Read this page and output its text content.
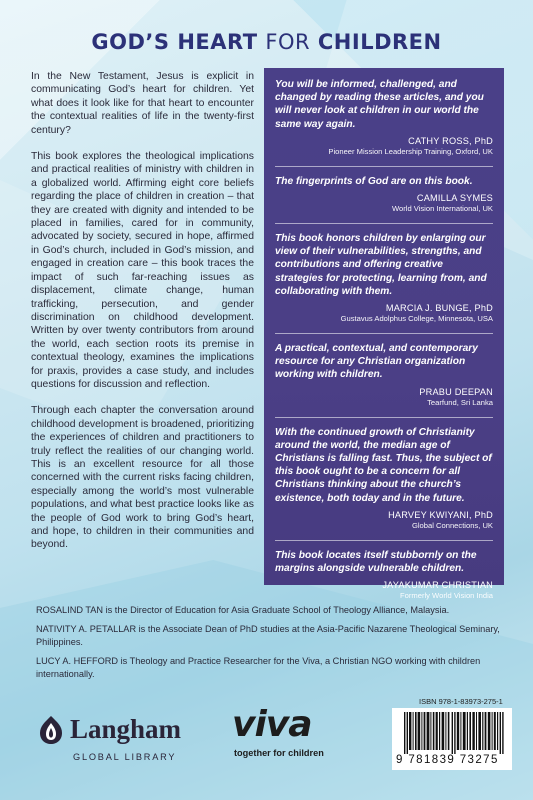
GOD’S HEART FOR CHILDREN

In the New Testament, Jesus is explicit in communicating God’s heart for children. Yet what does it look like for that heart to encounter the contextual realities of life in the twenty-first century?

This book explores the theological implications and practical realities of ministry with children in a globalized world. Affirming eight core beliefs regarding the place of children in creation – that they are created with dignity and intended to be placed in families, cared for in community, advocated by society, secured in hope, affirmed in God’s church, included in God’s mission, and engaged in creation care – this book traces the impact of such far-reaching issues as displacement, climate change, human trafficking, persecution, and gender discrimination on childhood development. Written by over twenty contributors from around the world, each section roots its premise in contextual theology, examines the implications for praxis, provides a case study, and includes questions for discussion and reflection.

Through each chapter the conversation around childhood development is broadened, prioritizing the experiences of children and practitioners to truly reflect the realities of our changing world. This is an excellent resource for all those concerned with the current risks facing children, especially among the world’s most vulnerable populations, and what best practice looks like as the people of God work to bring God’s heart, and hope, to children in their communities and beyond.

You will be informed, challenged, and changed by reading these articles, and you will never look at children in our world the same way again.

CATHY ROSS, PhD
Pioneer Mission Leadership Training, Oxford, UK

The fingerprints of God are on this book.

CAMILLA SYMES
World Vision International, UK

This book honors children by enlarging our view of their vulnerabilities, strengths, and contributions and offering creative strategies for protecting, learning from, and collaborating with them.

MARCIA J. BUNGE, PhD
Gustavus Adolphus College, Minnesota, USA

A practical, contextual, and contemporary resource for any Christian organization working with children.

PRABU DEEPAN
Tearfund, Sri Lanka

With the continued growth of Christianity around the world, the median age of Christians is falling fast. Thus, the subject of this book ought to be a concern for all Christians thinking about the church’s existence, both today and in the future.

HARVEY KWIYANI, PhD
Global Connections, UK

This book locates itself stubbornly on the margins alongside vulnerable children.

JAYAKUMAR CHRISTIAN
Formerly World Vision India

ROSALIND TAN is the Director of Education for Asia Graduate School of Theology Alliance, Malaysia.

NATIVITY A. PETALLAR is the Associate Dean of PhD studies at the Asia-Pacific Nazarene Theological Seminary, Philippines.

LUCY A. HEFFORD is Theology and Practice Researcher for the Viva, a Christian NGO working with children internationally.

Langham
GLOBAL LIBRARY
viva
together for children
ISBN 978-1-83973-275-1
9 781839 73275
